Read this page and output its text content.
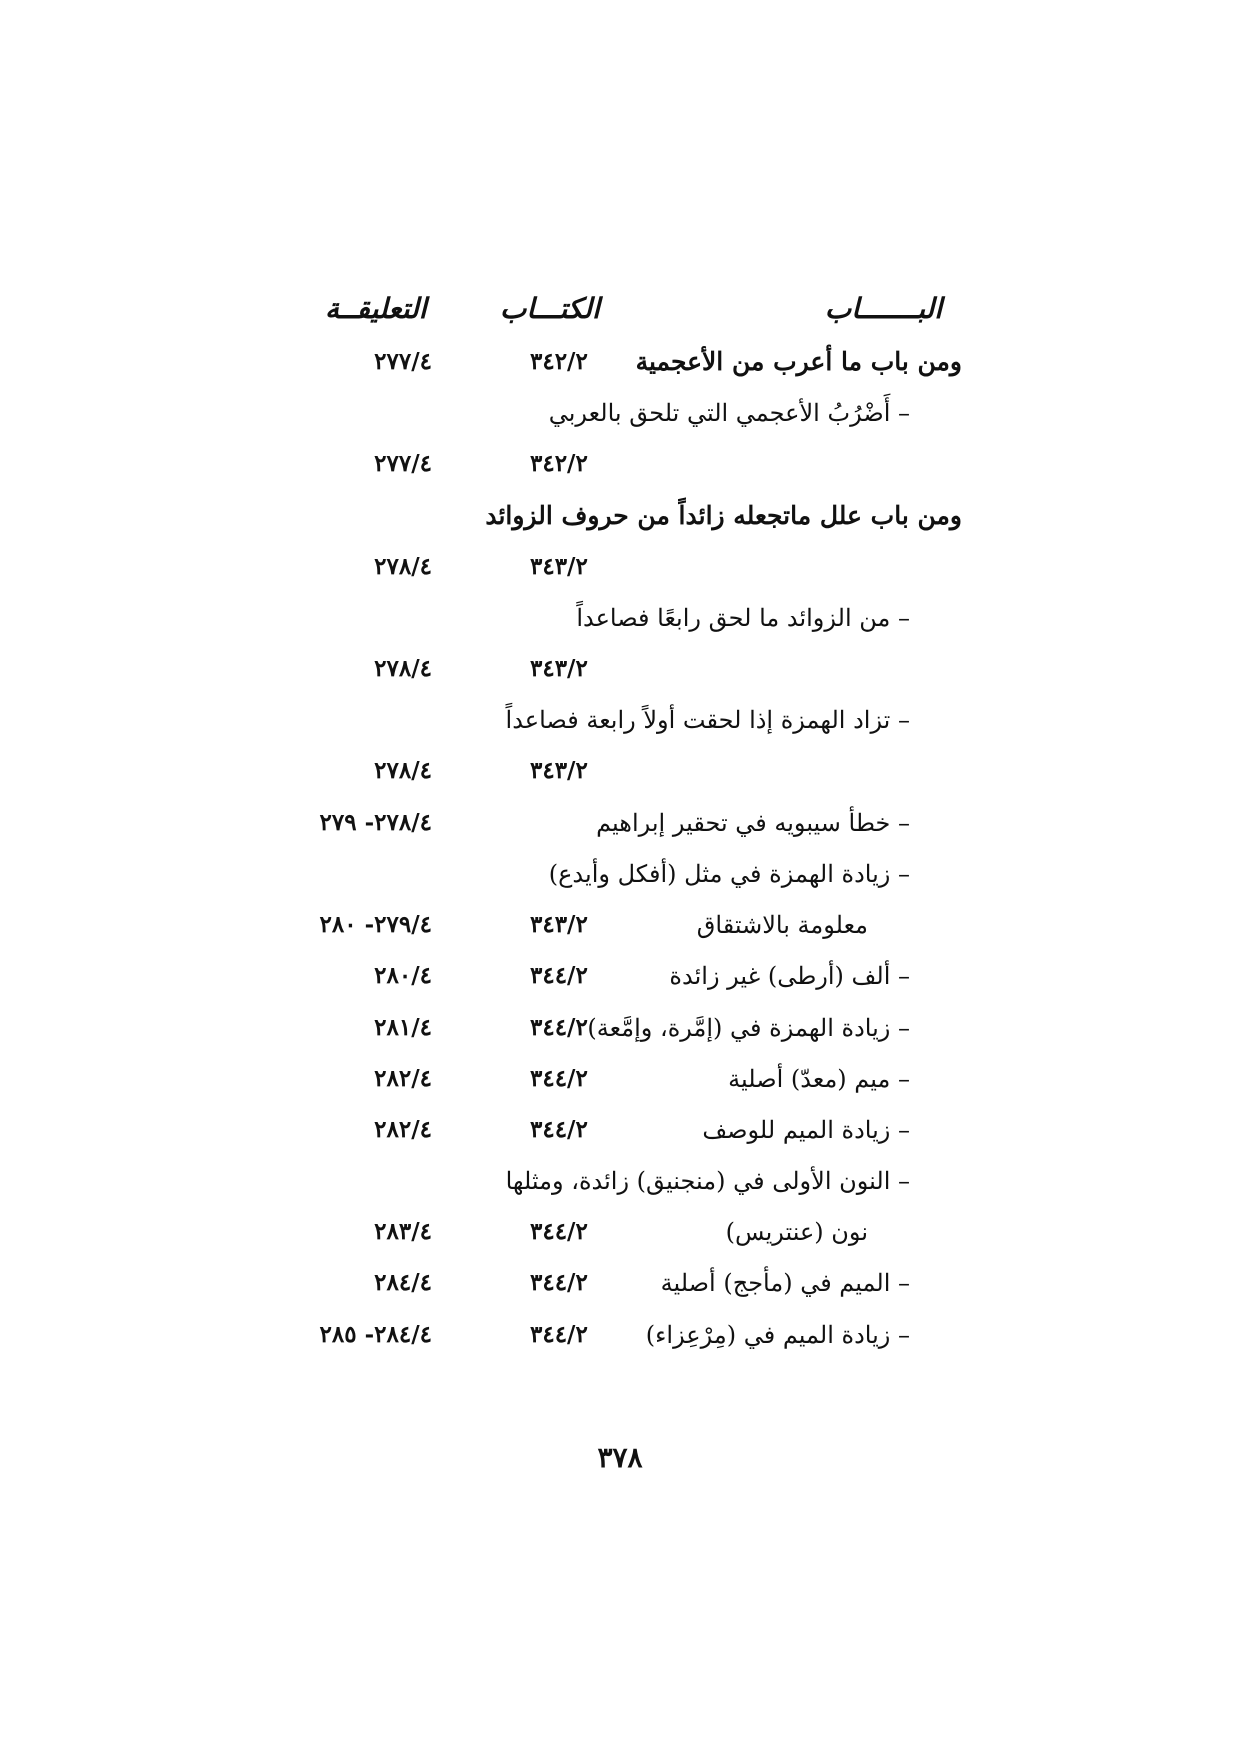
البـــــــاب
الكتـــاب
التعليقــة
ومن باب ما أعرب من الأعجمية
٣٤٢/٢
٢٧٧/٤
– أَضْرُبُ الأعجمي التي تلحق بالعربي
٣٤٢/٢
٢٧٧/٤
ومن باب علل ماتجعله زائداً من حروف الزوائد
٣٤٣/٢
٢٧٨/٤
– من الزوائد ما لحق رابعًا فصاعداً
٣٤٣/٢
٢٧٨/٤
– تزاد الهمزة إذا لحقت أولاً رابعة فصاعداً
٣٤٣/٢
٢٧٨/٤
– خطأ سيبويه في تحقير إبراهيم
٢٧٨/٤- ٢٧٩
– زيادة الهمزة في مثل (أفكل وأيدع)
معلومة بالاشتقاق
٣٤٣/٢
٢٧٩/٤- ٢٨٠
– ألف (أرطى) غير زائدة
٣٤٤/٢
٢٨٠/٤
– زيادة الهمزة في (إمَّرة، وإمَّعة)
٣٤٤/٢
٢٨١/٤
– ميم (معدّ) أصلية
٣٤٤/٢
٢٨٢/٤
– زيادة الميم للوصف
٣٤٤/٢
٢٨٢/٤
– النون الأولى في (منجنيق) زائدة، ومثلها
نون (عنتريس)
٣٤٤/٢
٢٨٣/٤
– الميم في (مأجج) أصلية
٣٤٤/٢
٢٨٤/٤
– زيادة الميم في (مِرْعِزاء)
٣٤٤/٢
٢٨٤/٤- ٢٨٥
٣٧٨
